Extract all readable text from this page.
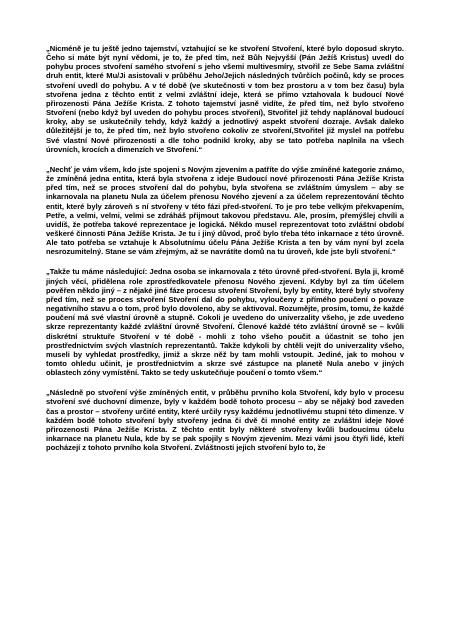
„Nicméně je tu ještě jedno tajemství, vztahující se ke stvoření Stvoření, které bylo doposud skryto. Čeho si máte být nyní vědomi, je to, že před tím, než Bůh Nejvyšší (Pán Ježíš Kristus) uvedl do pohybu proces stvoření samého stvoření s jeho všemi multivesmíry, stvořil ze Sebe Sama zvláštní druh entit, které Mu/Ji asistovali v průběhu Jeho/Jejich následných tvůrčích počinů, kdy se proces stvoření uvedl do pohybu. A v té době (ve skutečnosti v tom bez prostoru a v tom bez času) byla stvořena jedna z těchto entit z velmi zvláštní ideje, která se přímo vztahovala k budoucí Nové přirozenosti Pána Ježíše Krista. Z tohoto tajemství jasně vidíte, že před tím, než bylo stvořeno Stvoření (nebo když byl uveden do pohybu proces stvoření), Stvořitel již tehdy naplánoval budoucí kroky, aby se uskutečnily tehdy, když každý a jednotlivý aspekt stvoření dozraje. Avšak daleko důležitější je to, že před tím, než bylo stvořeno cokoliv ze stvoření,Stvořitel již myslel na potřebu Své vlastní Nové přirozenosti a dle toho podnikl kroky, aby se tato potřeba naplnila na všech úrovních, krocích a dimenzích ve Stvoření.“

„Nechť je vám všem, kdo jste spojeni s Novým zjevením a patříte do výše zmíněné kategorie známo, že zmíněná jedna entita, která byla stvořena z ideje Budoucí nové přirozenosti Pána Ježíše Krista před tím, než se proces stvoření dal do pohybu, byla stvořena se zvláštním úmyslem – aby se inkarnovala na planetu Nula za účelem přenosu Nového zjevení a za účelem reprezentování těchto entit, které byly zároveň s ní stvořeny v této fázi před-stvoření. To je pro tebe velkým překvapením, Petře, a velmi, velmi, velmi se zdráháš přijmout takovou představu. Ale, prosím, přemýšlej chvíli a uvidíš, že potřeba takové reprezentace je logická. Někdo musel reprezentovat toto zvláštní období veškeré činnosti Pána Ježíše Krista. Je tu i jiný důvod, proč bylo třeba této inkarnace z této úrovně. Ale tato potřeba se vztahuje k Absolutnímu účelu Pána Ježíše Krista a ten by vám nyní byl zcela nesrozumitelný. Stane se vám zřejmým, až se navrátíte domů na tu úroveň, kde jste byli stvoření.“

„Takže tu máme následující: Jedna osoba se inkarnovala z této úrovně před-stvoření. Byla ji, kromě jiných věcí, přidělena role zprostředkovatele přenosu Nového zjevení. Kdyby byl za tím účelem pověřen někdo jiný – z nějaké jiné fáze procesu stvoření Stvoření, byly by entity, které byly stvořeny před tím, než se proces stvoření Stvoření dal do pohybu, vyloučeny z přímého poučení o povaze negativního stavu a o tom, proč bylo dovoleno, aby se aktivoval. Rozumějte, prosím, tomu, že každé poučení má své vlastní úrovně a stupně. Cokoli je uvedeno do univerzality všeho, je zde uvedeno skrze reprezentanty každé zvláštní úrovně Stvoření. Členové každé této zvláštní úrovně se – kvůli diskrétní struktuře Stvoření v té době - mohli z toho všeho poučit a účastnit se toho jen prostřednictvím svých vlastních reprezentantů. Takže kdykoli by chtěli vejít do univerzality všeho, museli by vyhledat prostředky, jimiž a skrze něž by tam mohli vstoupit. Jediné, jak to mohou v tomto ohledu učinit, je prostřednictvím a skrze své zástupce na planetě Nula anebo v jiných oblastech zóny vymístění. Takto se tedy uskutečňuje poučení o tomto všem.“

„Následně po stvoření výše zmíněných entit, v průběhu prvního kola Stvoření, kdy bylo v procesu stvoření své duchovní dimenze, byly v každém bodě tohoto procesu – aby se nějaký bod zaveden čas a prostor – stvořeny určité entity, které určily rysy každému jednotlivému stupni této dimenze. V každém bodě tohoto stvoření byly stvořeny jedna či dvě či mnohé entity ze zvláštní ideje Nové přirozenosti Pána Ježíše Krista. Z těchto entit byly některé stvořeny kvůli budoucímu účelu inkarnace na planetu Nula, kde by se pak spojily s Novým zjevením. Mezi vámi jsou čtyři lidé, kteří pocházejí z tohoto prvního kola Stvoření. Zvláštnosti jejich stvoření bylo to, že
